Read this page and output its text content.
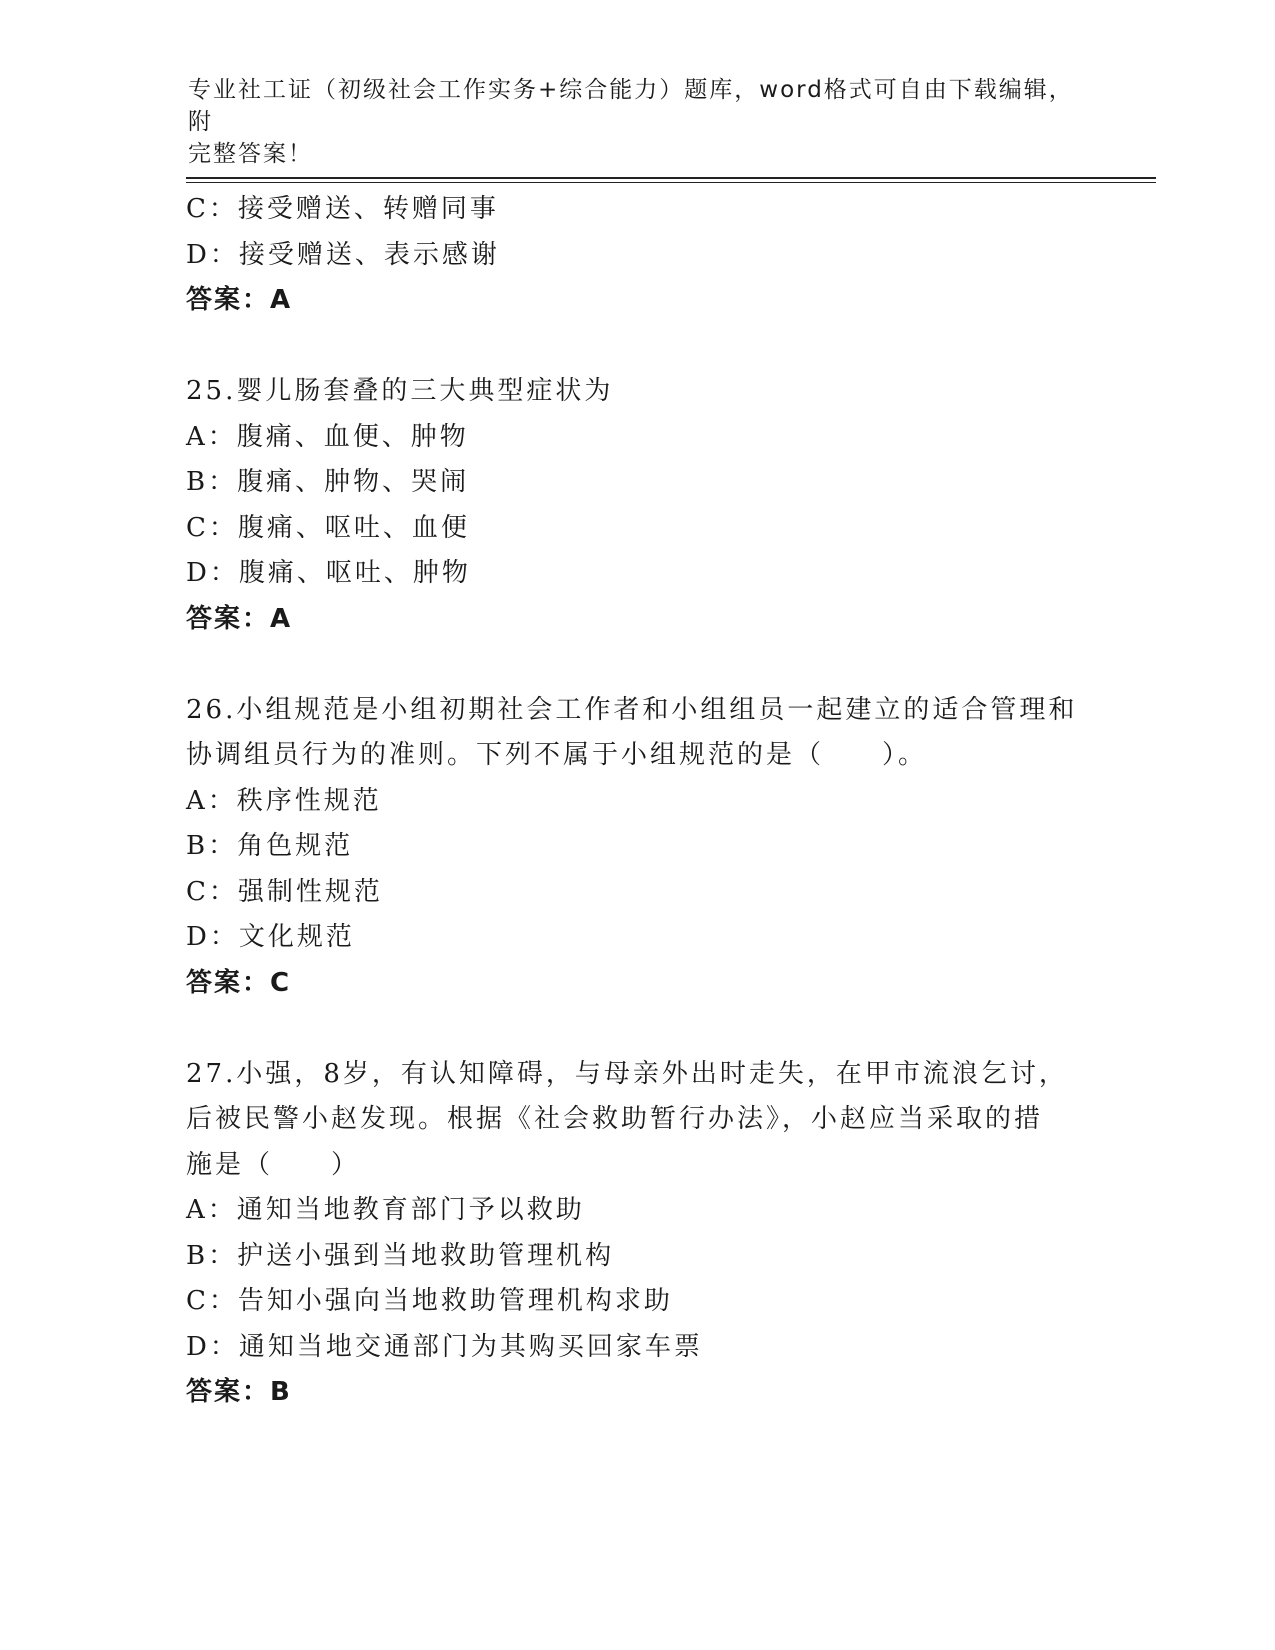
专业社工证（初级社会工作实务+综合能力）题库，word格式可自由下载编辑，附
完整答案！
C：接受赠送、转赠同事
D：接受赠送、表示感谢
答案：A
25.婴儿肠套叠的三大典型症状为
A：腹痛、血便、肿物
B：腹痛、肿物、哭闹
C：腹痛、呕吐、血便
D：腹痛、呕吐、肿物
答案：A
26.小组规范是小组初期社会工作者和小组组员一起建立的适合管理和
协调组员行为的准则。下列不属于小组规范的是（　　）。
A：秩序性规范
B：角色规范
C：强制性规范
D：文化规范
答案：C
27.小强，8岁，有认知障碍，与母亲外出时走失，在甲市流浪乞讨，
后被民警小赵发现。根据《社会救助暂行办法》，小赵应当采取的措
施是（　　）
A：通知当地教育部门予以救助
B：护送小强到当地救助管理机构
C：告知小强向当地救助管理机构求助
D：通知当地交通部门为其购买回家车票
答案：B
